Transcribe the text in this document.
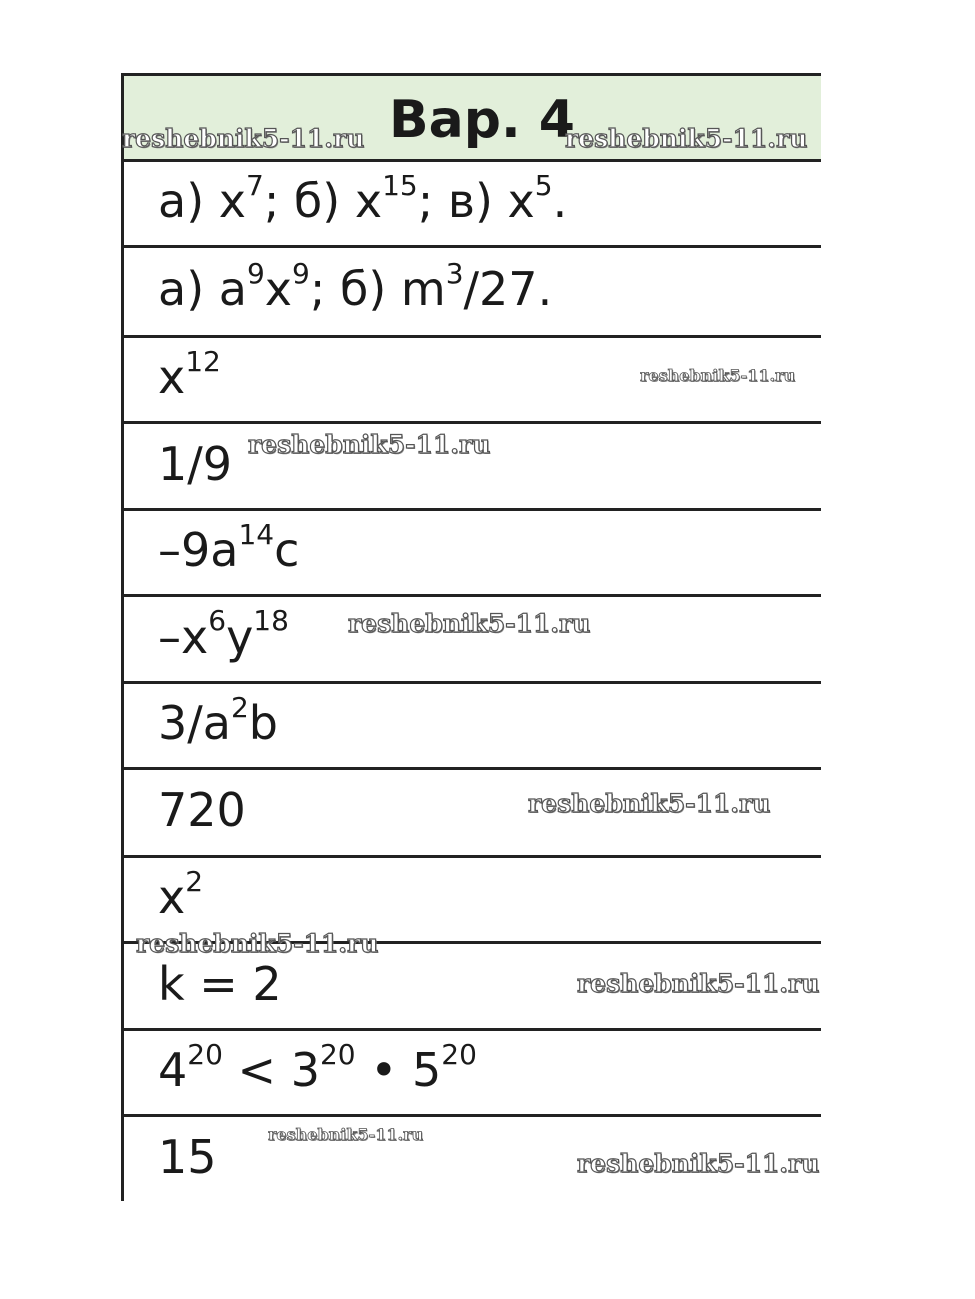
Вар. 4
а) $x^7$; б) $x^{15}$; в) $x^5$.
а) $a^9x^9$; б) $m^3/27$.
$x^{12}$
1/9
$-9a^{14}c$
$-x^6y^{18}$
$3/a^2b$
720
$x^2$
k = 2
$4^{20} < 3^{20}$ • $5^{20}$
15
reshebnik5-11.ru	reshebnik5-11.ru
reshebnik5-11.ru
reshebnik5-11.ru
reshebnik5-11.ru
reshebnik5-11.ru
reshebnik5-11.ru
reshebnik5-11.ru
reshebnik5-11.ru
reshebnik5-11.ru
